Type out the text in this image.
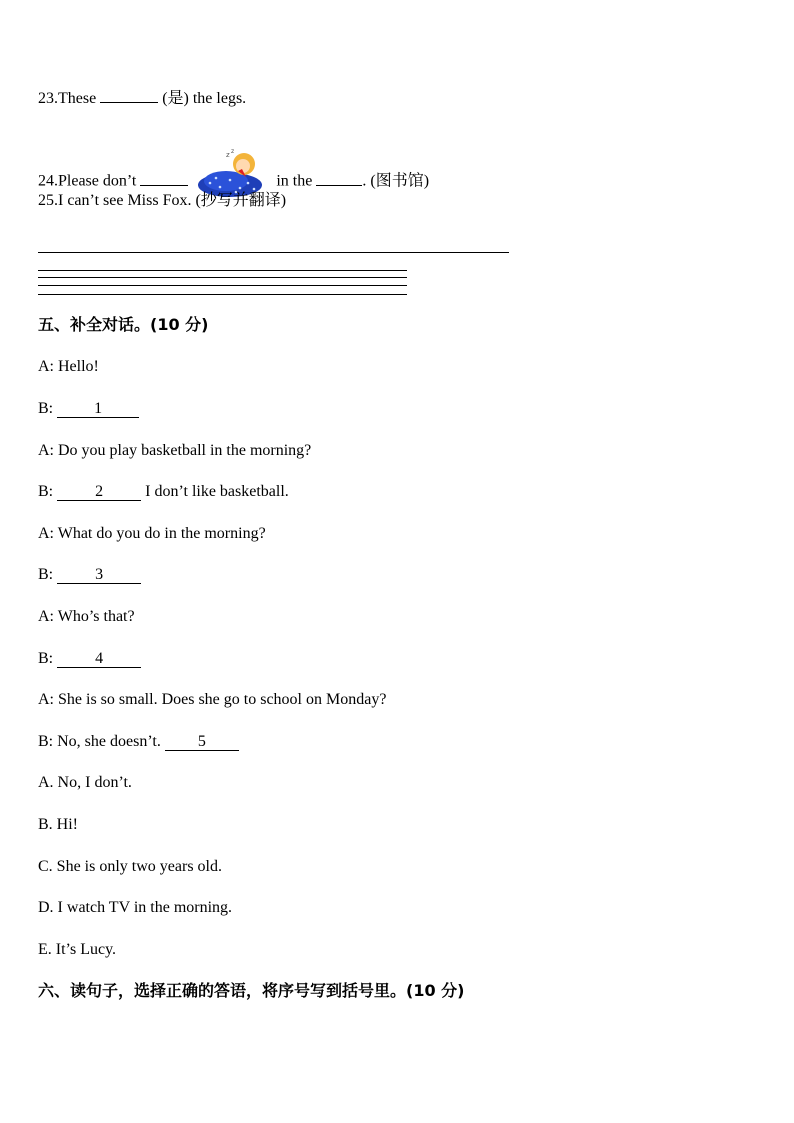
23.These	(是) the legs.
24.Please don’t
z z
in the	. (图书馆)
25.I can’t see Miss Fox. (抄写并翻译)
五、补全对话。(10 分)
A: Hello!
B: 1
A: Do you play basketball in the morning?
B: 2 I don’t like basketball.
A: What do you do in the morning?
B: 3
A: Who’s that?
B: 4
A: She is so small. Does she go to school on Monday?
B: No, she doesn’t. 5
A. No, I don’t.
B. Hi!
C. She is only two years old.
D. I watch TV in the morning.
E. It’s Lucy.
六、读句子，选择正确的答语，将序号写到括号里。(10 分)
